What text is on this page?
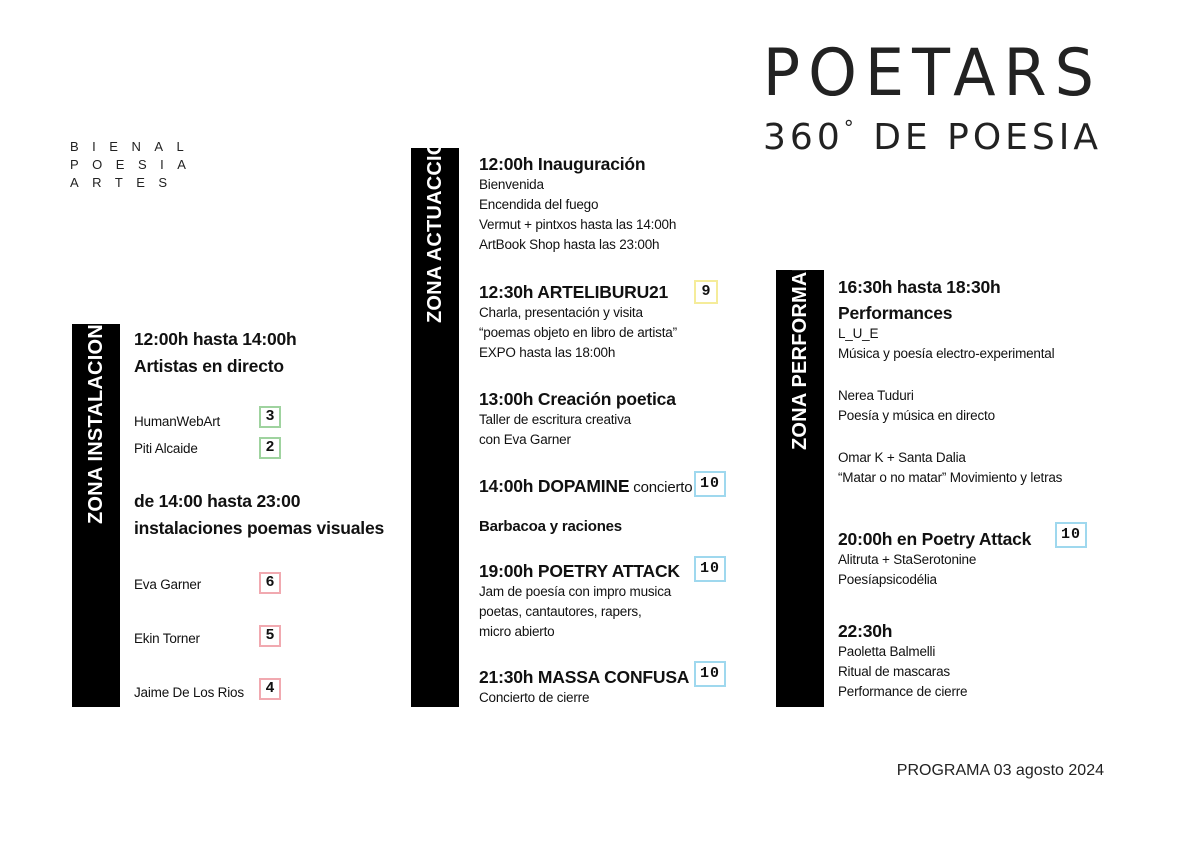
POETARS
360° DE POESIA
BIENAL
POESIA
ARTES
ZONA INSTALACIONES 12:00h hasta 14:00h
Artistas en directo
HumanWebArt	3
Piti Alcaide	2
de 14:00 hasta 23:00
instalaciones poemas visuales
Eva Garner	6
Ekin Torner	5
Jaime De Los Rios	4
ZONA ACTUACCIONES 12:00h Inauguración
Bienvenida
Encendida del fuego
Vermut + pintxos hasta las 14:00h
ArtBook Shop hasta las 23:00h
12:30h ARTELIBURU21
Charla, presentación y visita
“poemas objeto en libro de artista”
EXPO hasta las 18:00h
9
13:00h Creación poetica
Taller de escritura creativa
con Eva Garner
14:00h DOPAMINE concierto 10
Barbacoa y raciones
19:00h POETRY ATTACK
Jam de poesía con impro musica
poetas, cantautores, rapers,
micro abierto
10
21:30h MASSA CONFUSA
Concierto de cierre
10
ZONA PERFORMANCES 16:30h hasta 18:30h
Performances
L_U_E
Música y poesía electro-experimental
Nerea Tuduri
Poesía y música en directo
Omar K + Santa Dalia
“Matar o no matar” Movimiento y letras
20:00h en Poetry Attack
Alitruta + StaSerotonine
Poesíapsicodélia
10
22:30h
Paoletta Balmelli
Ritual de mascaras
Performance de cierre
PROGRAMA 03 agosto 2024
